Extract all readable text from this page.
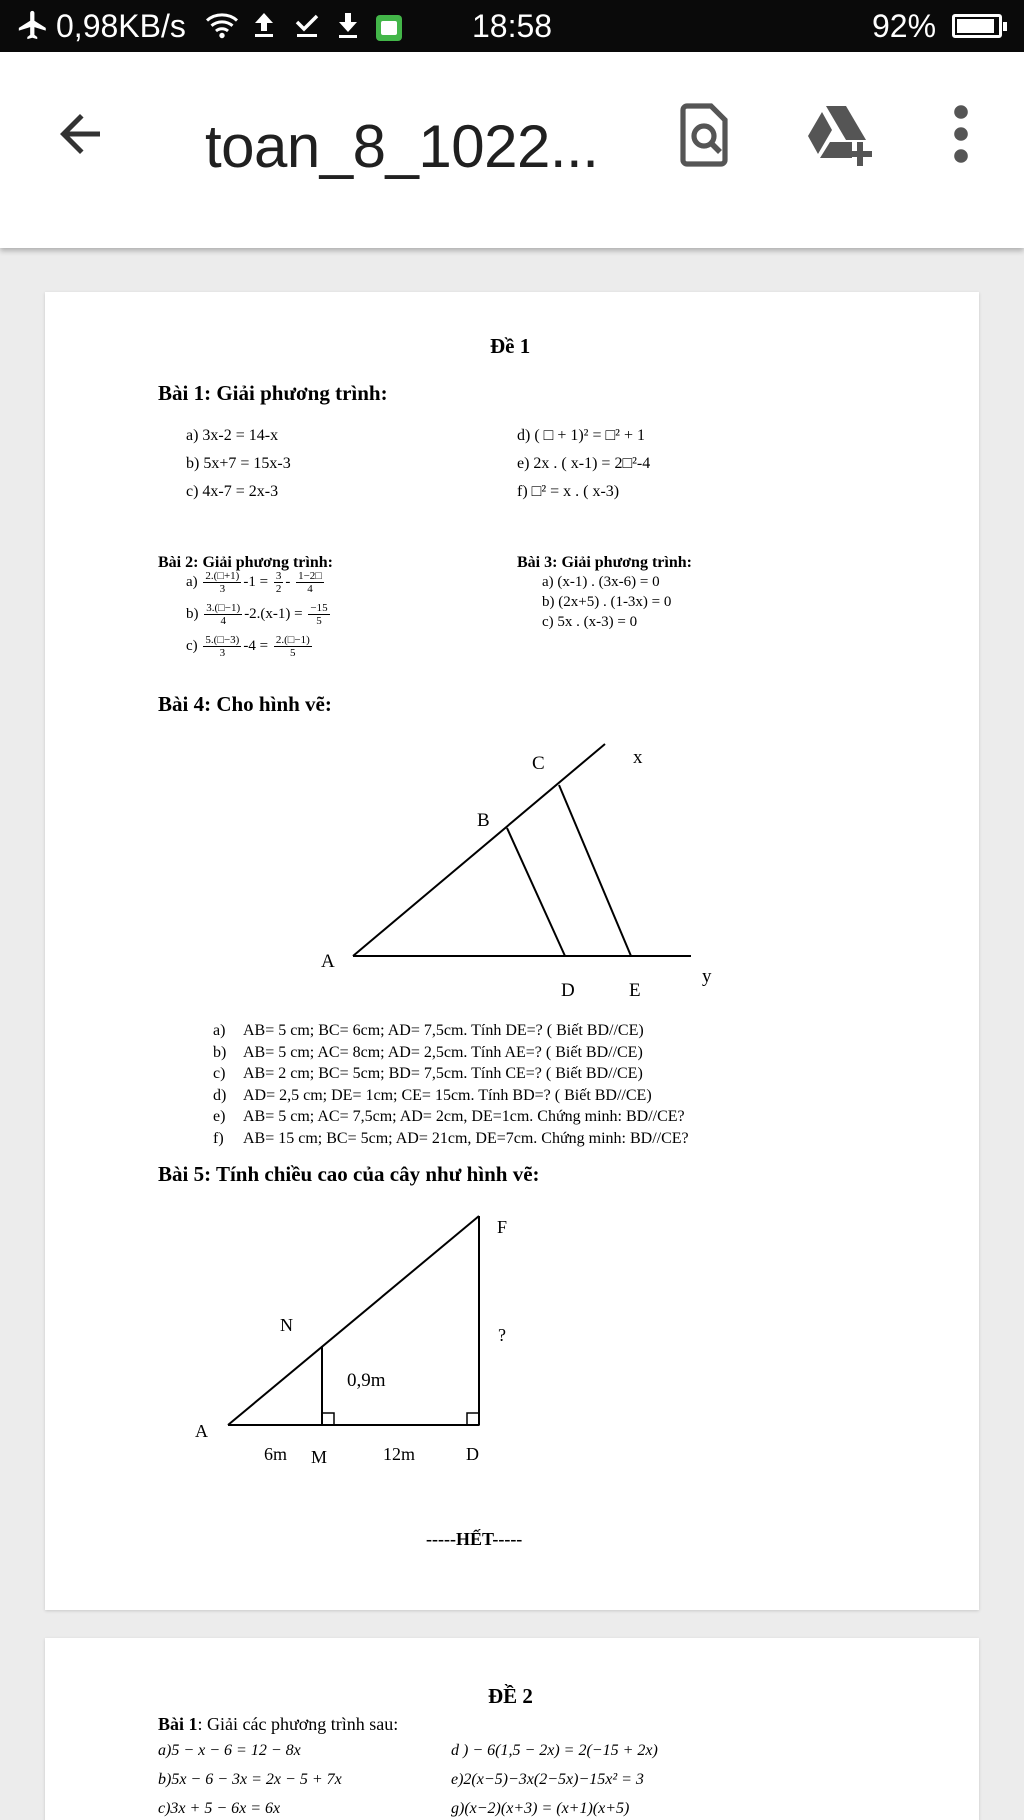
0,98KB/s	18:58	92%
toan_8_1022...
Đề 1
Bài 1: Giải phương trình:
a) 3x-2 = 14-x
b) 5x+7 = 15x-3
c) 4x-7 = 2x-3
d) ( □ + 1)² = □² + 1
e) 2x . ( x-1) = 2□²-4
f) □² = x . ( x-3)
Bài 2: Giải phương trình:
$a) \frac{2.(□+1)}{3} -1 = \frac{3}{2} - \frac{1-2□}{4}$
$b) \frac{3.(□-1)}{4} -2.(x-1) = \frac{-15}{5}$
$c) \frac{5.(□-3)}{3} -4 = \frac{2.(□-1)}{5}$
Bài 3: Giải phương trình:
a) (x-1) . (3x-6) = 0
b) (2x+5) . (1-3x) = 0
c) 5x . (x-3) = 0
Bài 4: Cho hình vẽ:
A
B
C
D	E
x
y
a) AB= 5 cm; BC= 6cm; AD= 7,5cm. Tính DE=? ( Biết BD//CE)
b) AB= 5 cm; AC= 8cm; AD= 2,5cm. Tính AE=? ( Biết BD//CE)
c) AB= 2 cm; BC= 5cm; BD= 7,5cm. Tính CE=? ( Biết BD//CE)
d) AD= 2,5 cm; DE= 1cm; CE= 15cm. Tính BD=? ( Biết BD//CE)
e) AB= 5 cm; AC= 7,5cm; AD= 2cm, DE=1cm. Chứng minh: BD//CE?
f) AB= 15 cm; BC= 5cm; AD= 21cm, DE=7cm. Chứng minh: BD//CE?
Bài 5: Tính chiều cao của cây như hình vẽ:
F
N	?
0,9m
A
6m M	12m	D
-----HẾT-----
ĐỀ 2
Bài 1: Giải các phương trình sau:
a)5 − x − 6 = 12 − 8x
b)5x − 6 − 3x = 2x − 5 + 7x
c)3x + 5 − 6x = 6x
d ) − 6(1,5 − 2x) = 2(−15 + 2x)
e)2(x−5)−3x(2−5x)−15x² = 3
g)(x−2)(x+3) = (x+1)(x+5)
